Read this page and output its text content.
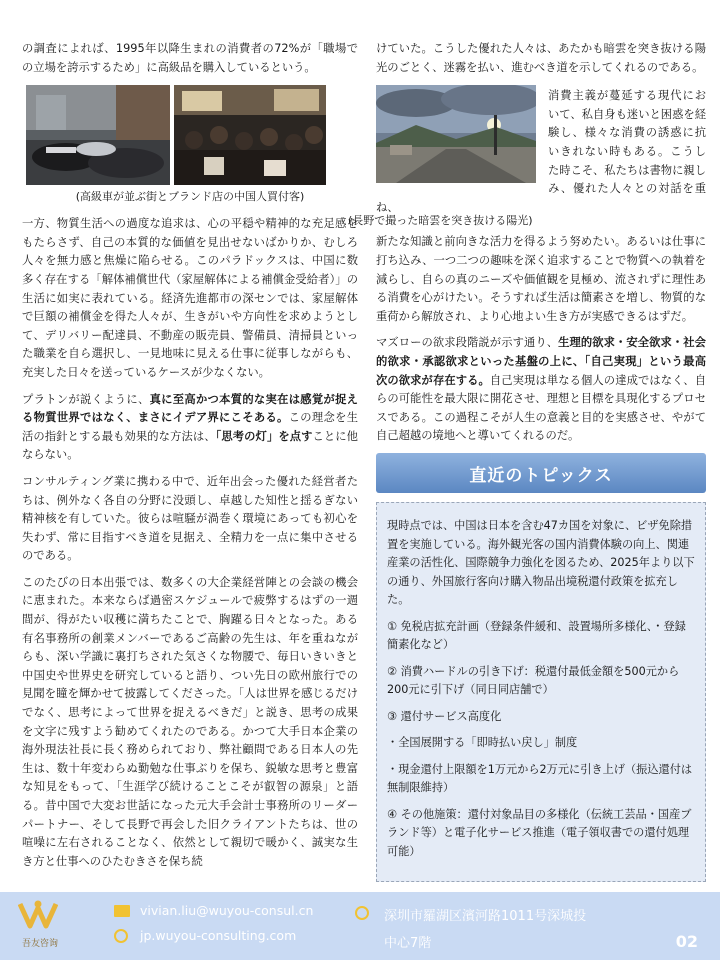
の調査によれば、1995年以降生まれの消費者の72%が「職場での立場を誇示するため」に高級品を購入しているという。

(高級車が並ぶ街とブランド店の中国人買付客)

一方、物質生活への過度な追求は、心の平穏や精神的な充足感をもたらさず、自己の本質的な価値を見出せないばかりか、むしろ人々を無力感と焦燥に陥らせる。このパラドックスは、中国に数多く存在する「解体補償世代（家屋解体による補償金受給者）」の生活に如実に表れている。経済先進都市の深センでは、家屋解体で巨額の補償金を得た人々が、生きがいや方向性を求めようとして、デリバリー配達員、不動産の販売員、警備員、清掃員といった職業を自ら選択し、一見地味に見える仕事に従事しながらも、充実した日々を送っているケースが少なくない。

プラトンが説くように、真に至高かつ本質的な実在は感覚が捉える物質世界ではなく、まさにイデア界にこそある。この理念を生活の指針とする最も効果的な方法は、「思考の灯」を点すことに他ならない。

コンサルティング業に携わる中で、近年出会った優れた経営者たちは、例外なく各自の分野に没頭し、卓越した知性と揺るぎない精神核を有していた。彼らは喧騒が渦巻く環境にあっても初心を失わず、常に目指すべき道を見据え、全精力を一点に集中させるのである。

このたびの日本出張では、数多くの大企業経営陣との会談の機会に恵まれた。本来ならば過密スケジュールで疲弊するはずの一週間が、得がたい収穫に満ちたことで、胸躍る日々となった。ある有名事務所の創業メンバーであるご高齢の先生は、年を重ねながらも、深い学識に裏打ちされた気さくな物腰で、毎日いきいきと中国史や世界史を研究していると語り、つい先日の欧州旅行での見聞を瞳を輝かせて披露してくださった。「人は世界を感じるだけでなく、思考によって世界を捉えるべきだ」と説き、思考の成果を文字に残すよう勧めてくれたのである。かつて大手日本企業の海外現法社長に長く務められており、弊社顧問である日本人の先生は、数十年変わらぬ勤勉な仕事ぶりを保ち、鋭敏な思考と豊富な知見をもって、「生涯学び続けることこそが叡智の源泉」と語る。昔中国で大変お世話になった元大手会計士事務所のリーダーパートナー、そして長野で再会した旧クライアントたちは、世の喧噪に左右されることなく、依然として親切で暖かく、誠実な生き方と仕事へのひたむきさを保ち続

けていた。こうした優れた人々は、あたかも暗雲を突き抜ける陽光のごとく、迷霧を払い、進むべき道を示してくれるのである。

消費主義が蔓延する現代において、私自身も迷いと困惑を経験し、様々な消費の誘惑に抗いきれない時もある。こうした時こそ、私たちは書物に親しみ、優れた人々との対話を重ね、

(長野で撮った暗雲を突き抜ける陽光)

新たな知識と前向きな活力を得るよう努めたい。あるいは仕事に打ち込み、一つ二つの趣味を深く追求することで物質への執着を減らし、自らの真のニーズや価値観を見極め、流されずに理性ある消費を心がけたい。そうすれば生活は簡素さを増し、物質的な重荷から解放され、より心地よい生き方が実感できるはずだ。

マズローの欲求段階説が示す通り、生理的欲求・安全欲求・社会的欲求・承認欲求といった基盤の上に、「自己実現」という最高次の欲求が存在する。自己実現は単なる個人の達成ではなく、自らの可能性を最大限に開花させ、理想と目標を具現化するプロセスである。この過程こそが人生の意義と目的を実感させ、やがて自己超越の境地へと導いてくれるのだ。

直近のトピックス

現時点では、中国は日本を含む47カ国を対象に、ビザ免除措置を実施している。海外観光客の国内消費体験の向上、関連産業の活性化、国際競争力強化を図るため、2025年より以下の通り、外国旅行客向け購入物品出境税還付政策を拡充した。

① 免税店拡充計画（登録条件緩和、設置場所多様化、・登録簡素化など）

② 消費ハードルの引き下げ：税還付最低金額を500元から200元に引下げ（同日同店舗で）

③ 還付サービス高度化

・全国展開する「即時払い戻し」制度

・現金還付上限額を1万元から2万元に引き上げ（振込還付は無制限維持）

④ その他施策：還付対象品目の多様化（伝統工芸品・国産ブランド等）と電子化サービス推進（電子領収書での還付処理可能）

吾友咨询
vivian.liu@wuyou-consul.cn
jp.wuyou-consulting.com
深圳市羅湖区濱河路1011号深城投
中心7階	02
